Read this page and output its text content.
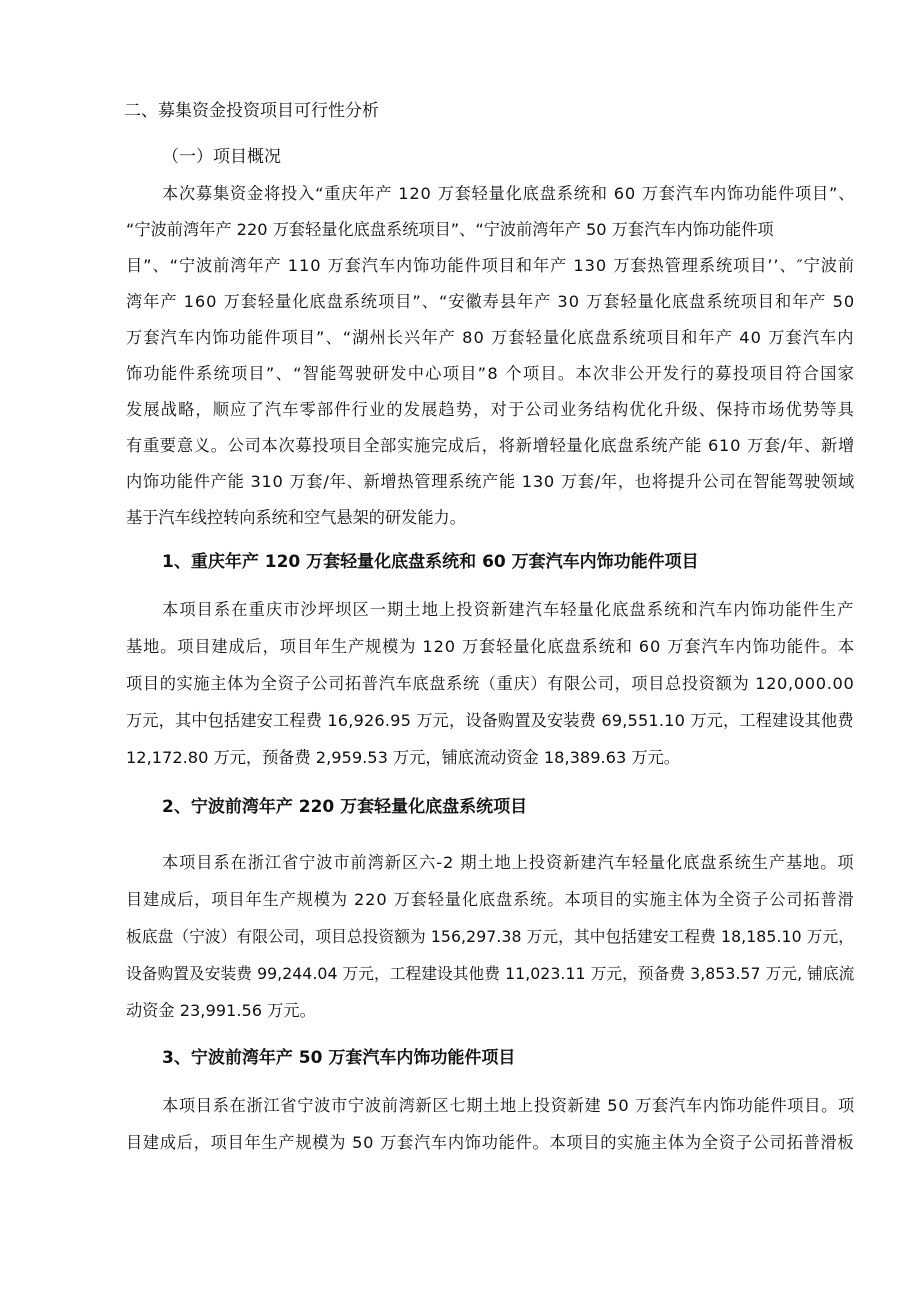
二、募集资金投资项目可行性分析
（一）项目概况
本次募集资金将投入“重庆年产 120 万套轻量化底盘系统和 60 万套汽车内饰功能件项目”、
“宁波前湾年产 220 万套轻量化底盘系统项目”、“宁波前湾年产 50 万套汽车内饰功能件项
目”、“宁波前湾年产 110 万套汽车内饰功能件项目和年产 130 万套热管理系统项目’’、″宁波前
湾年产 160 万套轻量化底盘系统项目”、“安徽寿县年产 30 万套轻量化底盘系统项目和年产 50
万套汽车内饰功能件项目”、“湖州长兴年产 80 万套轻量化底盘系统项目和年产 40 万套汽车内
饰功能件系统项目”、“智能驾驶研发中心项目”8 个项目。本次非公开发行的募投项目符合国家
发展战略，顺应了汽车零部件行业的发展趋势，对于公司业务结构优化升级、保持市场优势等具
有重要意义。公司本次募投项目全部实施完成后，将新增轻量化底盘系统产能 610 万套/年、新增
内饰功能件产能 310 万套/年、新增热管理系统产能 130 万套/年，也将提升公司在智能驾驶领域
基于汽车线控转向系统和空气悬架的研发能力。
1、重庆年产 120 万套轻量化底盘系统和 60 万套汽车内饰功能件项目
本项目系在重庆市沙坪坝区一期土地上投资新建汽车轻量化底盘系统和汽车内饰功能件生产
基地。项目建成后，项目年生产规模为 120 万套轻量化底盘系统和 60 万套汽车内饰功能件。本
项目的实施主体为全资子公司拓普汽车底盘系统（重庆）有限公司，项目总投资额为 120,000.00
万元，其中包括建安工程费 16,926.95 万元，设备购置及安装费 69,551.10 万元，工程建设其他费
12,172.80 万元，预备费 2,959.53 万元，铺底流动资金 18,389.63 万元。
2、宁波前湾年产 220 万套轻量化底盘系统项目
本项目系在浙江省宁波市前湾新区六-2 期土地上投资新建汽车轻量化底盘系统生产基地。项
目建成后，项目年生产规模为 220 万套轻量化底盘系统。本项目的实施主体为全资子公司拓普滑
板底盘（宁波）有限公司，项目总投资额为 156,297.38 万元，其中包括建安工程费 18,185.10 万元，
设备购置及安装费 99,244.04 万元，工程建设其他费 11,023.11 万元，预备费 3,853.57 万元, 铺底流
动资金 23,991.56 万元。
3、宁波前湾年产 50 万套汽车内饰功能件项目
本项目系在浙江省宁波市宁波前湾新区七期土地上投资新建 50 万套汽车内饰功能件项目。项
目建成后，项目年生产规模为 50 万套汽车内饰功能件。本项目的实施主体为全资子公司拓普滑板
